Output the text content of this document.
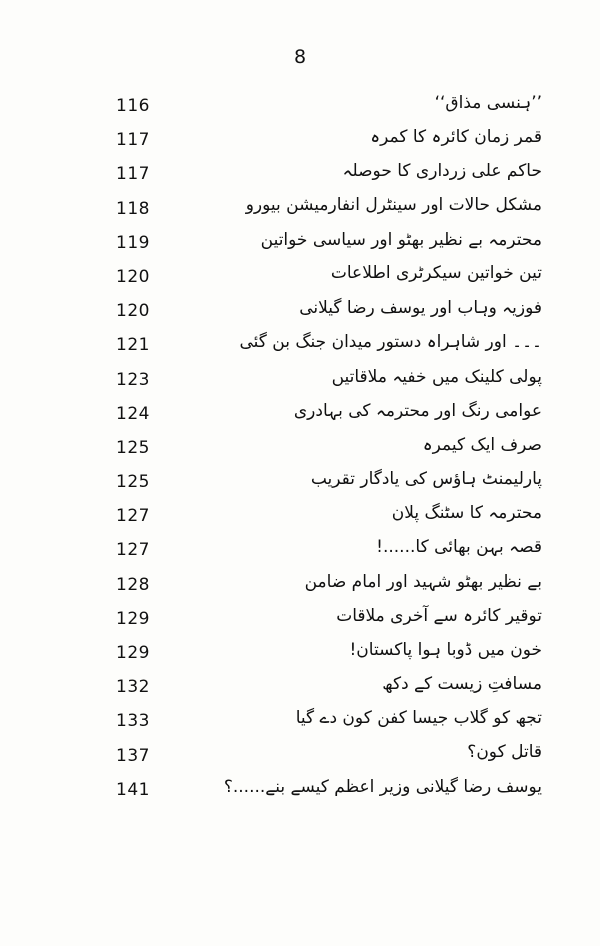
8
116	’’ہنسی مذاق‘‘
117	قمر زمان کائرہ کا کمرہ
117	حاکم علی زرداری کا حوصلہ
118	مشکل حالات اور سینٹرل انفارمیشن بیورو
119	محترمہ بے نظیر بھٹو اور سیاسی خواتین
120	تین خواتین سیکرٹری اطلاعات
120	فوزیہ وہاب اور یوسف رضا گیلانی
121	۔۔۔ اور شاہراہ دستور میدان جنگ بن گئی
123	پولی کلینک میں خفیہ ملاقاتیں
124	عوامی رنگ اور محترمہ کی بہادری
125	صرف ایک کیمرہ
125	پارلیمنٹ ہاؤس کی یادگار تقریب
127	محترمہ کا سٹنگ پلان
127	قصہ بہن بھائی کا......!
128	بے نظیر بھٹو شہید اور امام ضامن
129	توقیر کائرہ سے آخری ملاقات
129	خون میں ڈوبا ہوا پاکستان!
132	مسافتِ زیست کے دکھ
133	تجھ کو گلاب جیسا کفن کون دے گیا
137	قاتل کون؟
141	یوسف رضا گیلانی وزیر اعظم کیسے بنے......؟
